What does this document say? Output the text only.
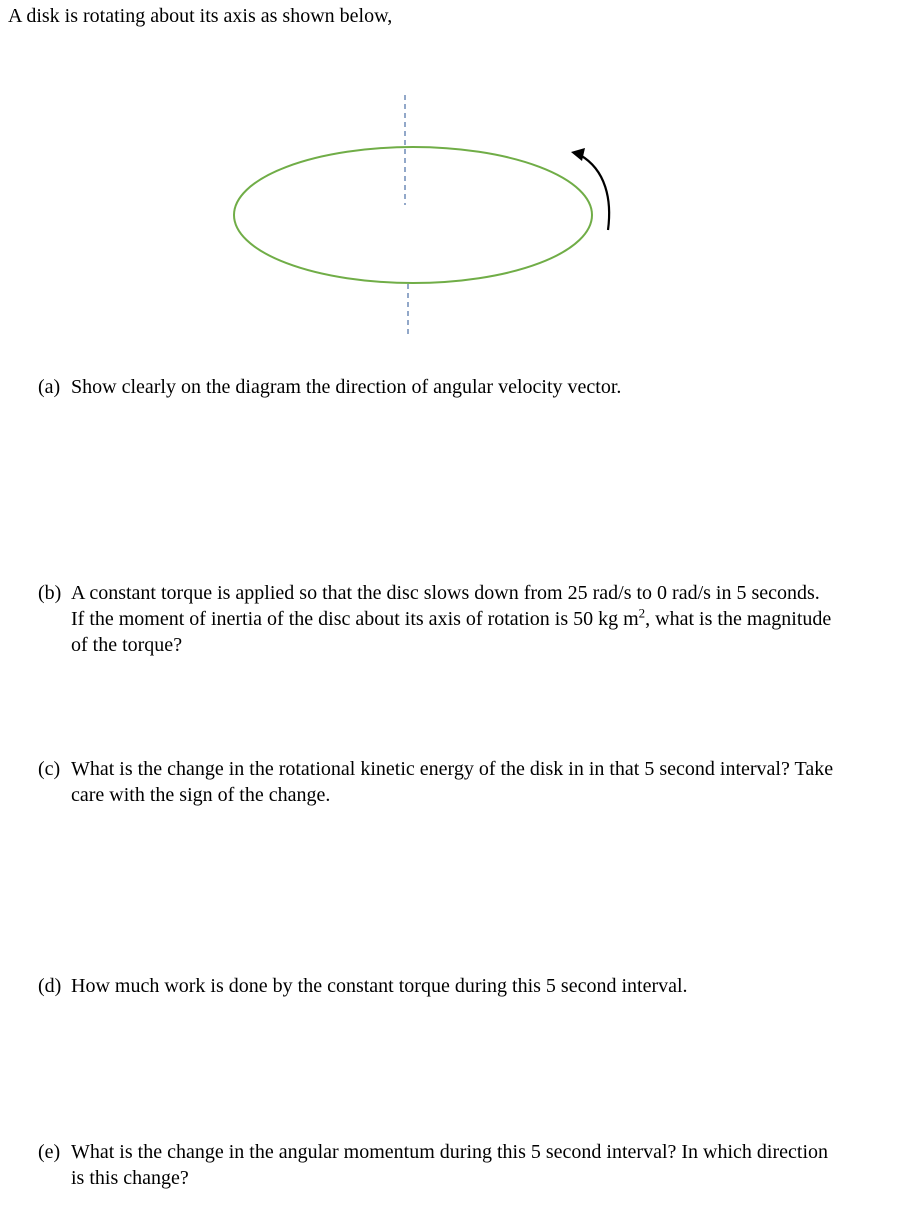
A disk is rotating about its axis as shown below,

(a) Show clearly on the diagram the direction of angular velocity vector.
(b) A constant torque is applied so that the disc slows down from 25 rad/s to 0 rad/s in 5 seconds. If the moment of inertia of the disc about its axis of rotation is 50 kg $m^2$, what is the magnitude of the torque?
(c) What is the change in the rotational kinetic energy of the disk in in that 5 second interval? Take care with the sign of the change.
(d) How much work is done by the constant torque during this 5 second interval.
(e) What is the change in the angular momentum during this 5 second interval? In which direction is this change?
